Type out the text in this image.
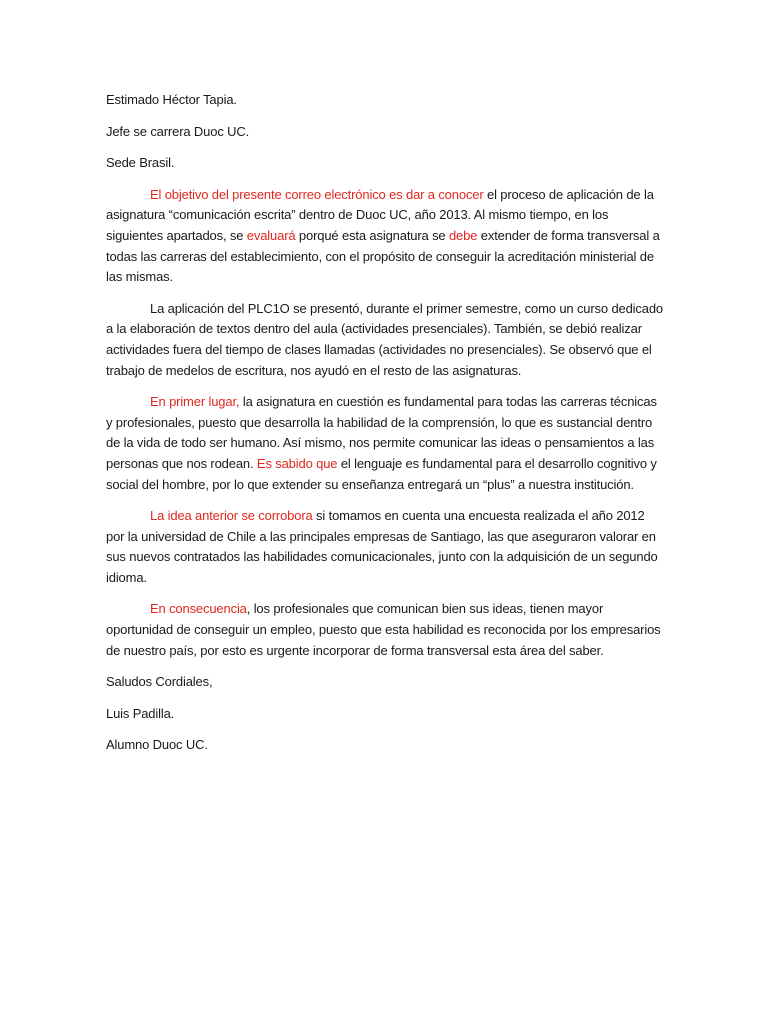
Estimado Héctor Tapia.

Jefe se carrera Duoc UC.

Sede Brasil.

El objetivo del presente correo electrónico es dar a conocer el proceso de aplicación de la asignatura “comunicación escrita” dentro de Duoc UC, año 2013. Al mismo tiempo, en los siguientes apartados, se evaluará porqué esta asignatura se debe extender de forma transversal a todas las carreras del establecimiento, con el propósito de conseguir la acreditación ministerial de las mismas.

La aplicación del PLC1O se presentó, durante el primer semestre, como un curso dedicado a la elaboración de textos dentro del aula (actividades presenciales). También, se debió realizar actividades fuera del tiempo de clases llamadas (actividades no presenciales). Se observó que el trabajo de medelos de escritura, nos ayudó en el resto de las asignaturas.

En primer lugar, la asignatura en cuestión es fundamental para todas las carreras técnicas y profesionales, puesto que desarrolla la habilidad de la comprensión, lo que es sustancial dentro de la vida de todo ser humano. Así mismo, nos permite comunicar las ideas o pensamientos a las personas que nos rodean. Es sabido que el lenguaje es fundamental para el desarrollo cognitivo y social del hombre, por lo que extender su enseñanza entregará un “plus” a nuestra institución.

La idea anterior se corrobora si tomamos en cuenta una encuesta realizada el año 2012 por la universidad de Chile a las principales empresas de Santiago, las que aseguraron valorar en sus nuevos contratados las habilidades comunicacionales, junto con la adquisición de un segundo idioma.

En consecuencia, los profesionales que comunican bien sus ideas, tienen mayor oportunidad de conseguir un empleo, puesto que esta habilidad es reconocida por los empresarios de nuestro país, por esto es urgente incorporar de forma transversal esta área del saber.

Saludos Cordiales,

Luis Padilla.

Alumno Duoc UC.
